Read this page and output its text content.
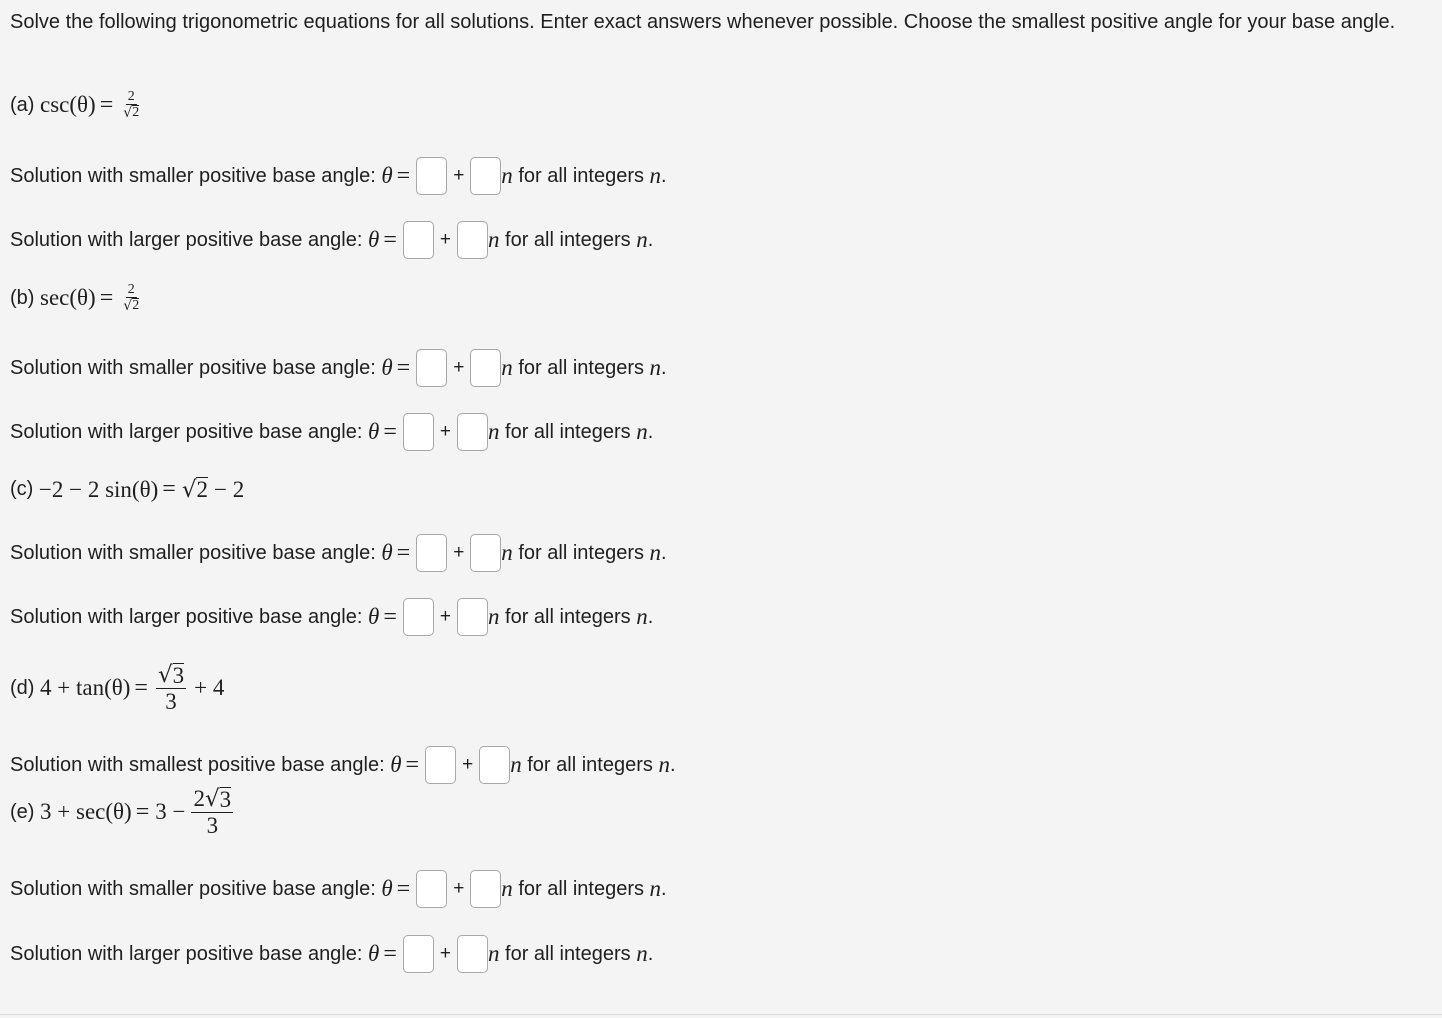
Solve the following trigonometric equations for all solutions. Enter exact answers whenever possible. Choose the smallest positive angle for your base angle.
(a)
$\csc(\theta) = \frac{2}{√ 2}$
Solution with smaller positive base angle:
θ = + n
for all integers
n .
Solution with larger positive base angle:
θ = + n
for all integers
n .
(b)
$\sec(\theta) = \frac{2}{√ 2}$
Solution with smaller positive base angle:
θ = + n
for all integers
n .
Solution with larger positive base angle:
θ = + n
for all integers
n .
(c)
−2 − 2 sin(θ) = √ 2 − 2
Solution with smaller positive base angle:
θ = + n
for all integers
n .
Solution with larger positive base angle:
θ = + n
for all integers
n .
(d)
$4 + \tan(\theta) = \frac{√ 3}{3} + 4$
Solution with smallest positive base angle:
θ = + n
for all integers
n .
(e)
$3 + \sec(\theta) = 3 - \frac{2 √ 3}{3}$
Solution with smaller positive base angle:
θ = + n
for all integers
n .
Solution with larger positive base angle:
θ = + n
for all integers
n .
